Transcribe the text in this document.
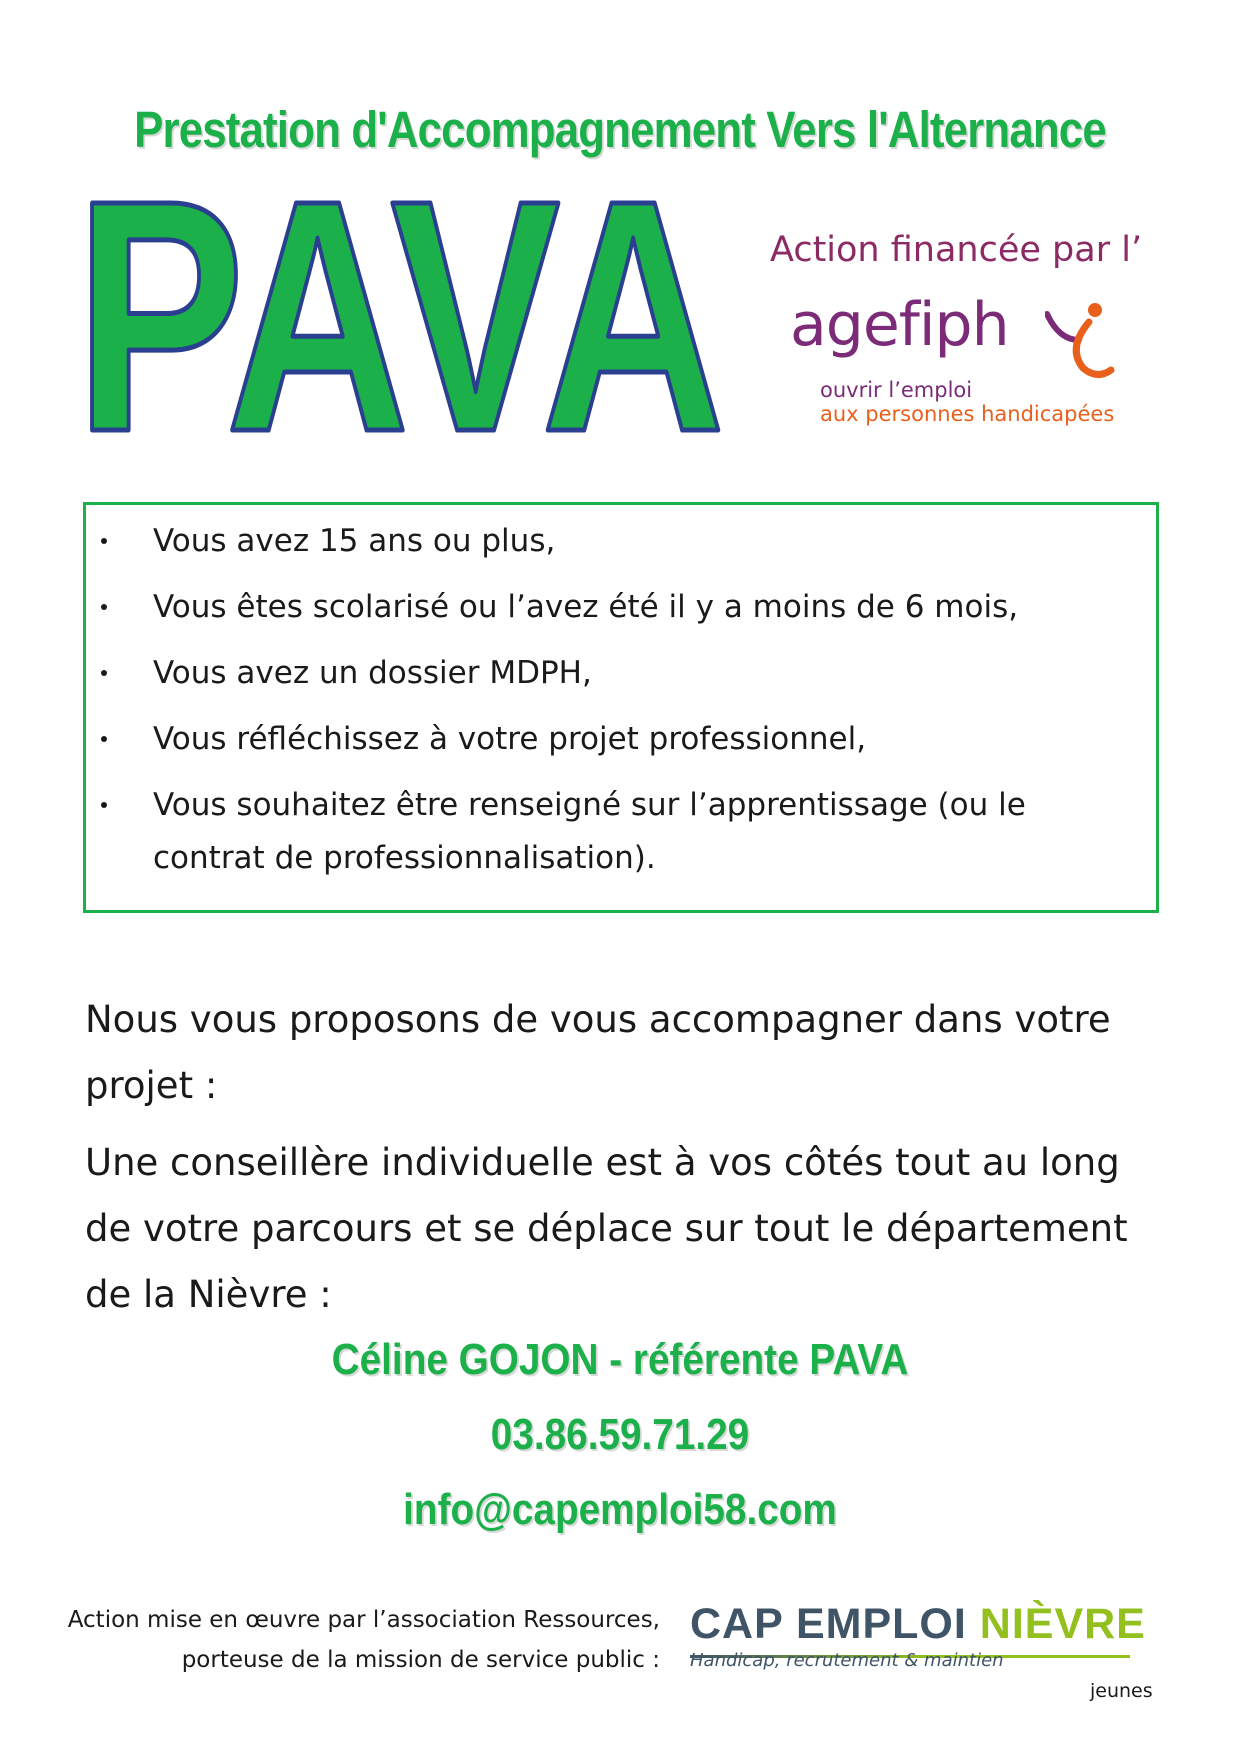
Prestation d'Accompagnement Vers l'Alternance
PAVA Action financée par l’
agefiph
ouvrir l’emploi
aux personnes handicapées
Vous avez 15 ans ou plus,
Vous êtes scolarisé ou l’avez été il y a moins de 6 mois,
Vous avez un dossier MDPH,
Vous réfléchissez à votre projet professionnel,
Vous souhaitez être renseigné sur l’apprentissage (ou le contrat de professionnalisation).
Nous vous proposons de vous accompagner dans votre projet :
Une conseillère individuelle est à vos côtés tout au long de votre parcours et se déplace sur tout le département de la Nièvre :
Céline GOJON - référente PAVA
03.86.59.71.29
info@capemploi58.com
Action mise en œuvre par l’association Ressources,
porteuse de la mission de service public :
CAP EMPLOI NIÈVRE
Handicap, recrutement & maintien
jeunes
